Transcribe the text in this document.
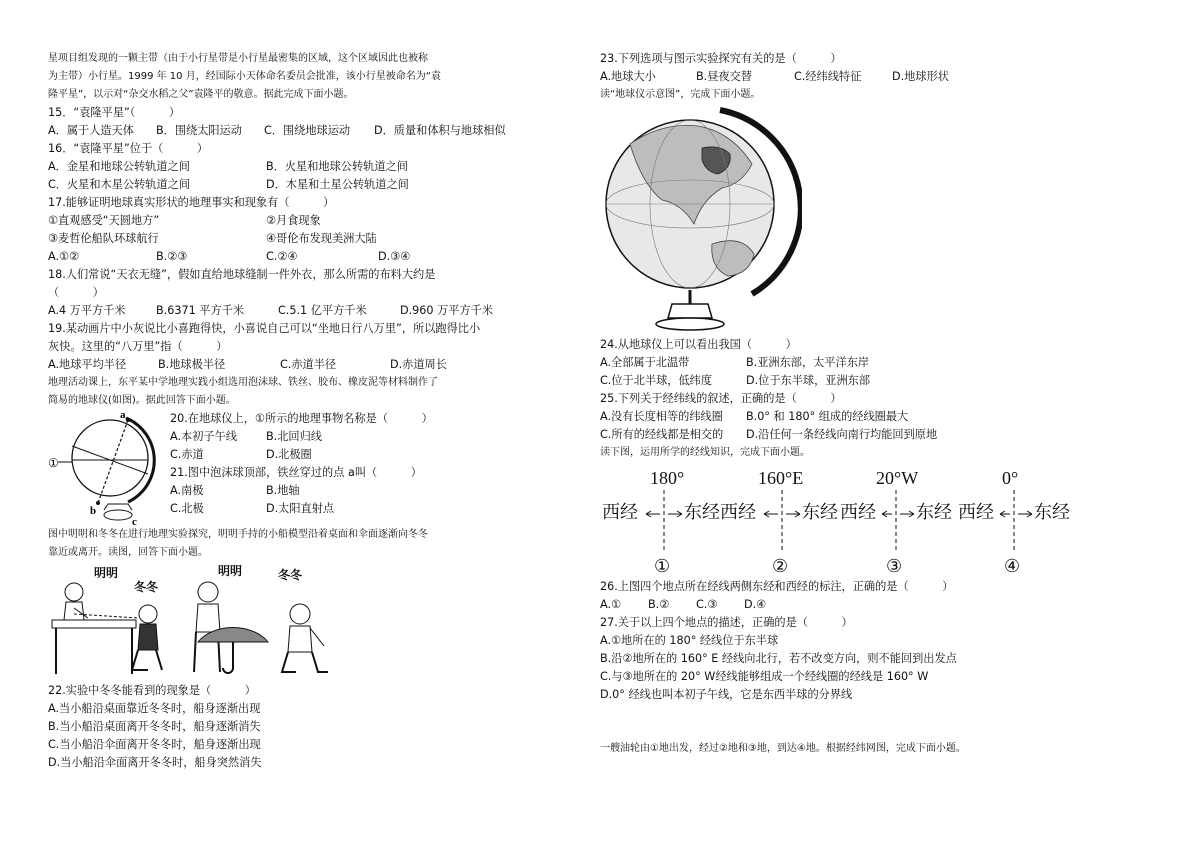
星项目组发现的一颗主带（由于小行星带是小行星最密集的区域，这个区域因此也被称
为主带）小行星。1999 年 10 月，经国际小天体命名委员会批准，该小行星被命名为“袁
隆平星”，以示对“杂交水稻之父”袁隆平的敬意。据此完成下面小题。
15．“袁隆平星”（　　　）
A．属于人造天体	B．围绕太阳运动	C．围绕地球运动	D．质量和体积与地球相似
16．“袁隆平星”位于（　　　）
A．金星和地球公转轨道之间	B．火星和地球公转轨道之间
C．火星和木星公转轨道之间	D．木星和土星公转轨道之间
17.能够证明地球真实形状的地理事实和现象有（　　　）
①直观感受“天圆地方”	②月食现象
③麦哲伦船队环球航行	④哥伦布发现美洲大陆
A.①②	B.②③	C.②④	D.③④
18.人们常说“天衣无缝”，假如直给地球缝制一件外衣，那么所需的布料大约是
（　　　）
A.4 万平方千米	B.6371 平方千米	C.5.1 亿平方千米	D.960 万平方千米
19.某动画片中小灰说比小喜跑得快，小喜说自己可以“坐地日行八万里”，所以跑得比小
灰快。这里的“八万里”指（　　　）
A.地球平均半径	B.地球极半径	C.赤道半径	D.赤道周长
地理活动课上，东平某中学地理实践小组选用泡沫球、铁丝、胶布、橡皮泥等材料制作了
简易的地球仪(如图)。据此回答下面小题。
a
b
c
①
20.在地球仪上，①所示的地理事物名称是（　　　）
A.本初子午线	B.北回归线
C.赤道	D.北极圈
21.图中泡沫球顶部，铁丝穿过的点 a叫（　　　）
A.南极	B.地轴
C.北极	D.太阳直射点
图中明明和冬冬在进行地理实验探究，明明手持的小船模型沿着桌面和伞面逐渐向冬冬
靠近或离开。读图，回答下面小题。
明明
冬冬
明明	冬冬
22.实验中冬冬能看到的现象是（　　　）
A.当小船沿桌面靠近冬冬时，船身逐渐出现
B.当小船沿桌面离开冬冬时，船身逐渐消失
C.当小船沿伞面离开冬冬时，船身逐渐出现
D.当小船沿伞面离开冬冬时，船身突然消失
23.下列选项与图示实验探究有关的是（　　　）
A.地球大小	B.昼夜交替	C.经纬线特征	D.地球形状
读“地球仪示意图”，完成下面小题。
24.从地球仪上可以看出我国（　　　）
A.全部属于北温带	B.亚洲东部，太平洋东岸
C.位于北半球，低纬度	D.位于东半球，亚洲东部
25.下列关于经纬线的叙述，正确的是（　　　）
A.没有长度相等的纬线圈	B.0° 和 180° 组成的经线圈最大
C.所有的经线都是相交的	D.沿任何一条经线向南行均能回到原地
读下图，运用所学的经线知识，完成下面小题。
180°
西经	东经
①
160°E
西经	东经
②
20°W
西经 东经
③
0°
西经 东经
④
26.上图四个地点所在经线两侧东经和西经的标注，正确的是（　　　）
A.①	B.②	C.③	D.④
27.关于以上四个地点的描述，正确的是（　　　）
A.①地所在的 180° 经线位于东半球
B.沿②地所在的 160° E 经线向北行，若不改变方向，则不能回到出发点
C.与③地所在的 20° W经线能够组成一个经线圈的经线是 160° W
D.0° 经线也叫本初子午线，它是东西半球的分界线
一艘油轮由①地出发，经过②地和③地，到达④地。根据经纬网图，完成下面小题。
